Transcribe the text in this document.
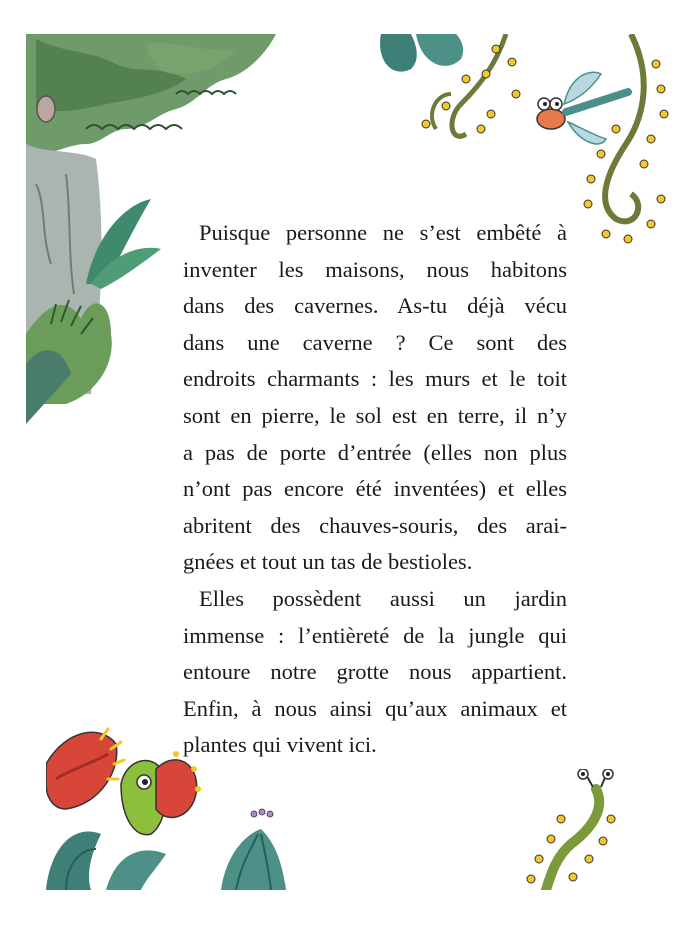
Puisque personne ne s’est embêté à
inventer les maisons, nous habitons
dans des cavernes. As-tu déjà vécu
dans une caverne ? Ce sont des
endroits charmants : les murs et le toit
sont en pierre, le sol est en terre, il n’y
a pas de porte d’entrée (elles non plus
n’ont pas encore été inventées) et elles
abritent des chauves-souris, des arai-
gnées et tout un tas de bestioles.

Elles possèdent aussi un jardin
immense : l’entièreté de la jungle qui
entoure notre grotte nous appartient.
Enfin, à nous ainsi qu’aux animaux et
plantes qui vivent ici.
